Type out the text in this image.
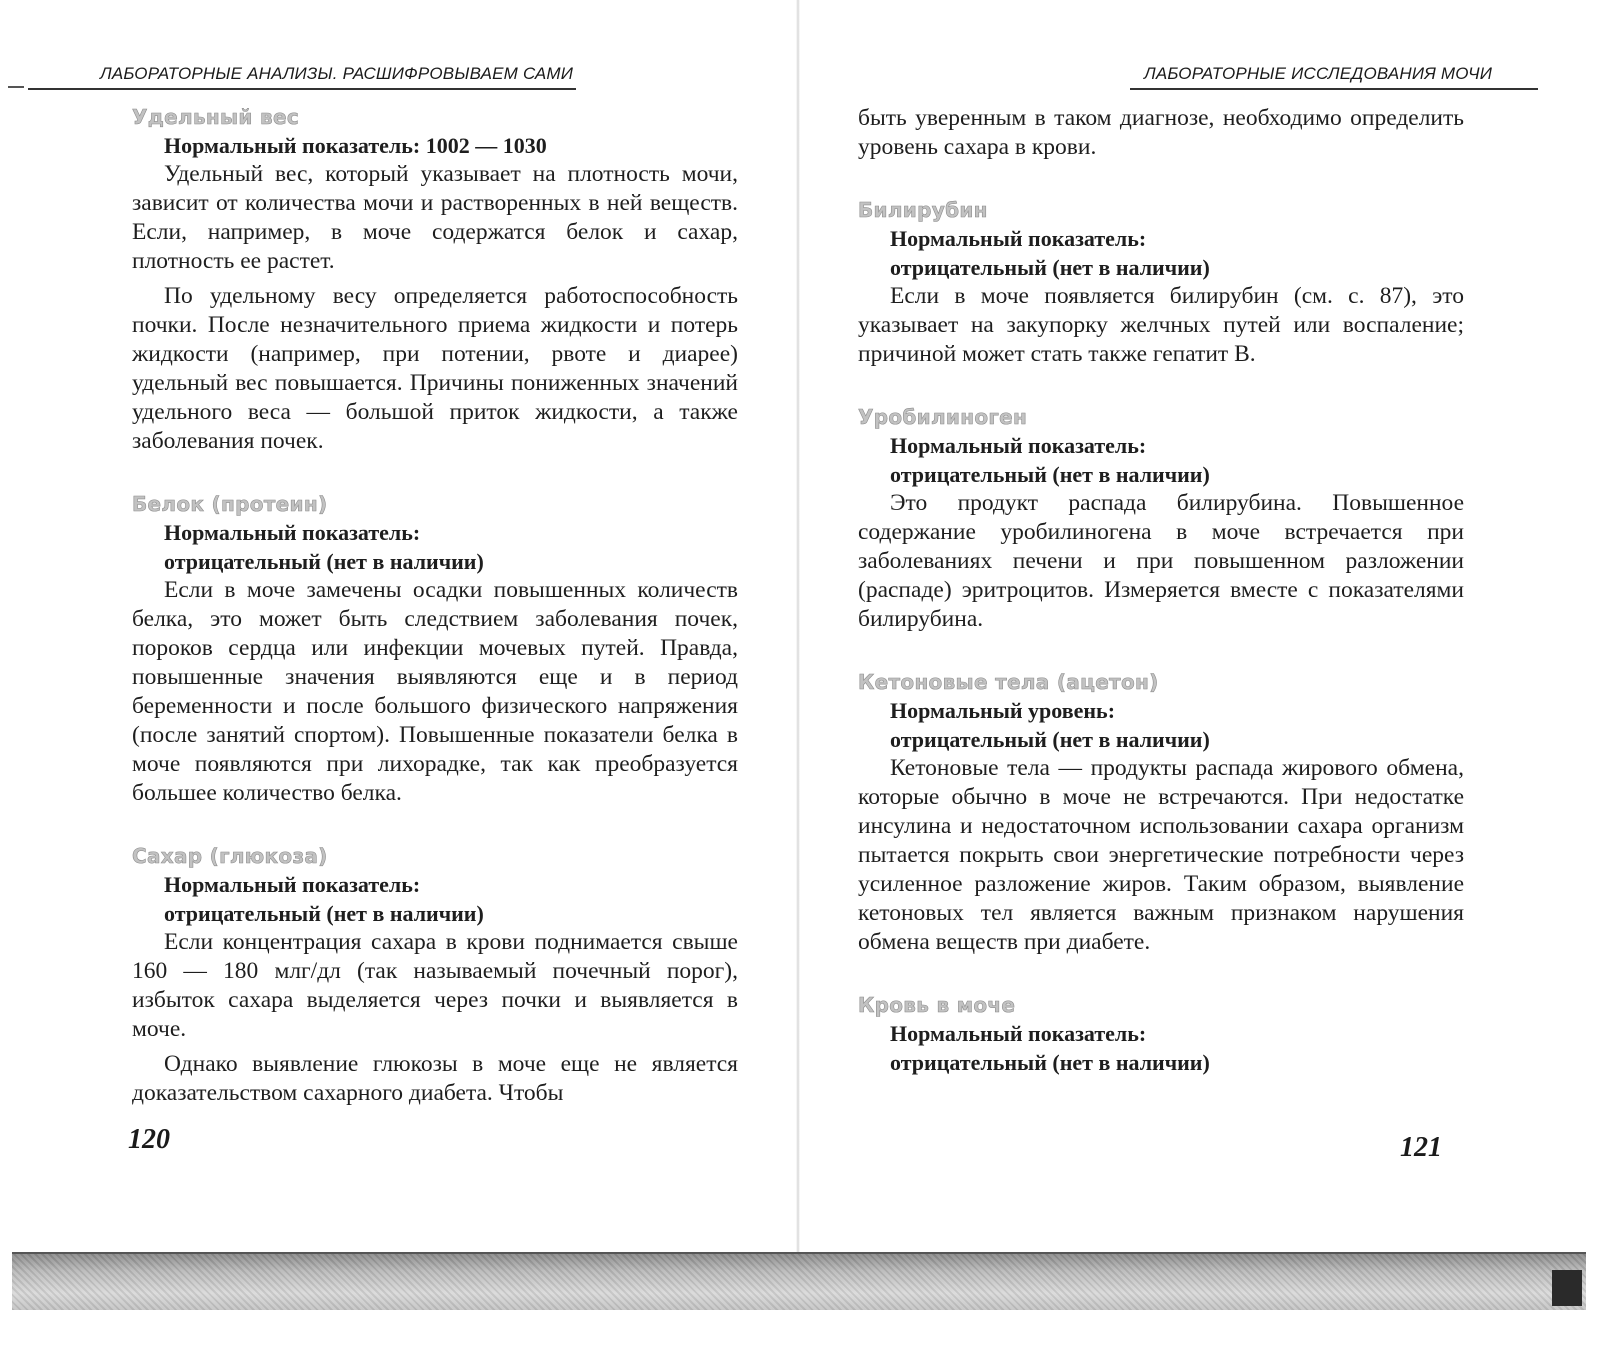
ЛАБОРАТОРНЫЕ АНАЛИЗЫ. РАСШИФРОВЫВАЕМ САМИ
Удельный вес

Нормальный показатель: 1002 — 1030

Удельный вес, который указывает на плотность мочи, зависит от количества мочи и растворенных в ней веществ. Если, например, в моче содержатся белок и сахар, плотность ее растет.

По удельному весу определяется работоспособность почки. После незначительного приема жидкости и потерь жидкости (например, при потении, рвоте и диарее) удельный вес повышается. Причины пониженных значений удельного веса — большой приток жидкости, а также заболевания почек.

Белок (протеин)

Нормальный показатель:

отрицательный (нет в наличии)

Если в моче замечены осадки повышенных количеств белка, это может быть следствием заболевания почек, пороков сердца или инфекции мочевых путей. Правда, повышенные значения выявляются еще и в период беременности и после большого физического напряжения (после занятий спортом). Повышенные показатели белка в моче появляются при лихорадке, так как преобразуется большее количество белка.

Сахар (глюкоза)

Нормальный показатель:

отрицательный (нет в наличии)

Если концентрация сахара в крови поднимается свыше 160 — 180 млг/дл (так называемый почечный порог), избыток сахара выделяется через почки и выявляется в моче.

Однако выявление глюкозы в моче еще не является доказательством сахарного диабета. Чтобы

120
ЛАБОРАТОРНЫЕ ИССЛЕДОВАНИЯ МОЧИ

быть уверенным в таком диагнозе, необходимо определить уровень сахара в крови.

Билирубин

Нормальный показатель:

отрицательный (нет в наличии)

Если в моче появляется билирубин (см. с. 87), это указывает на закупорку желчных путей или воспаление; причиной может стать также гепатит В.

Уробилиноген

Нормальный показатель:

отрицательный (нет в наличии)

Это продукт распада билирубина. Повышенное содержание уробилиногена в моче встречается при заболеваниях печени и при повышенном разложении (распаде) эритроцитов. Измеряется вместе с показателями билирубина.

Кетоновые тела (ацетон)

Нормальный уровень:

отрицательный (нет в наличии)

Кетоновые тела — продукты распада жирового обмена, которые обычно в моче не встречаются. При недостатке инсулина и недостаточном использовании сахара организм пытается покрыть свои энергетические потребности через усиленное разложение жиров. Таким образом, выявление кетоновых тел является важным признаком нарушения обмена веществ при диабете.

Кровь в моче

Нормальный показатель:

отрицательный (нет в наличии)

121
